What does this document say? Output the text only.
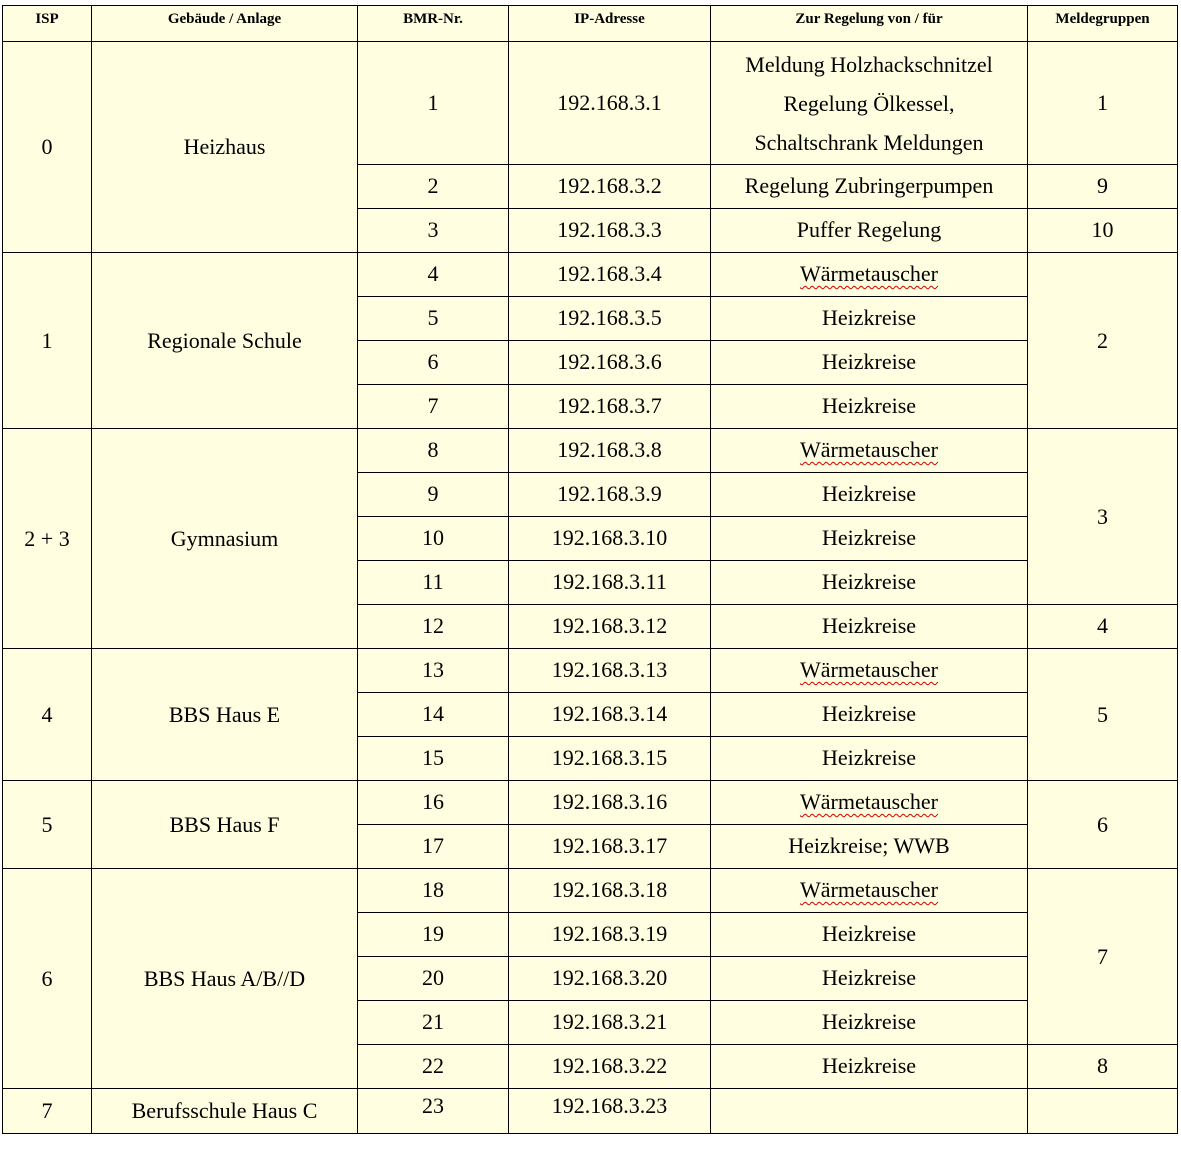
ISP	Gebäude / Anlage	BMR-Nr.	IP-Adresse	Zur Regelung von / für	Meldegruppen
0	Heizhaus	1	192.168.3.1	Meldung Holzhackschnitzel
Regelung Ölkessel,
Schaltschrank Meldungen	1
		2	192.168.3.2	Regelung Zubringerpumpen	9
		3	192.168.3.3	Puffer Regelung	10
1	Regionale Schule	4	192.168.3.4	Wärmetauscher	2
		5	192.168.3.5	Heizkreise	
		6	192.168.3.6	Heizkreise	
		7	192.168.3.7	Heizkreise	
2 + 3	Gymnasium	8	192.168.3.8	Wärmetauscher	3
		9	192.168.3.9	Heizkreise	
		10	192.168.3.10	Heizkreise	
		11	192.168.3.11	Heizkreise	
		12	192.168.3.12	Heizkreise	4
4	BBS Haus E	13	192.168.3.13	Wärmetauscher	5
		14	192.168.3.14	Heizkreise	
		15	192.168.3.15	Heizkreise	
5	BBS Haus F	16	192.168.3.16	Wärmetauscher	6
		17	192.168.3.17	Heizkreise; WWB	
6	BBS Haus A/B//D	18	192.168.3.18	Wärmetauscher	7
		19	192.168.3.19	Heizkreise	
		20	192.168.3.20	Heizkreise	
		21	192.168.3.21	Heizkreise	
		22	192.168.3.22	Heizkreise	8
7	Berufsschule Haus C	23	192.168.3.23		
